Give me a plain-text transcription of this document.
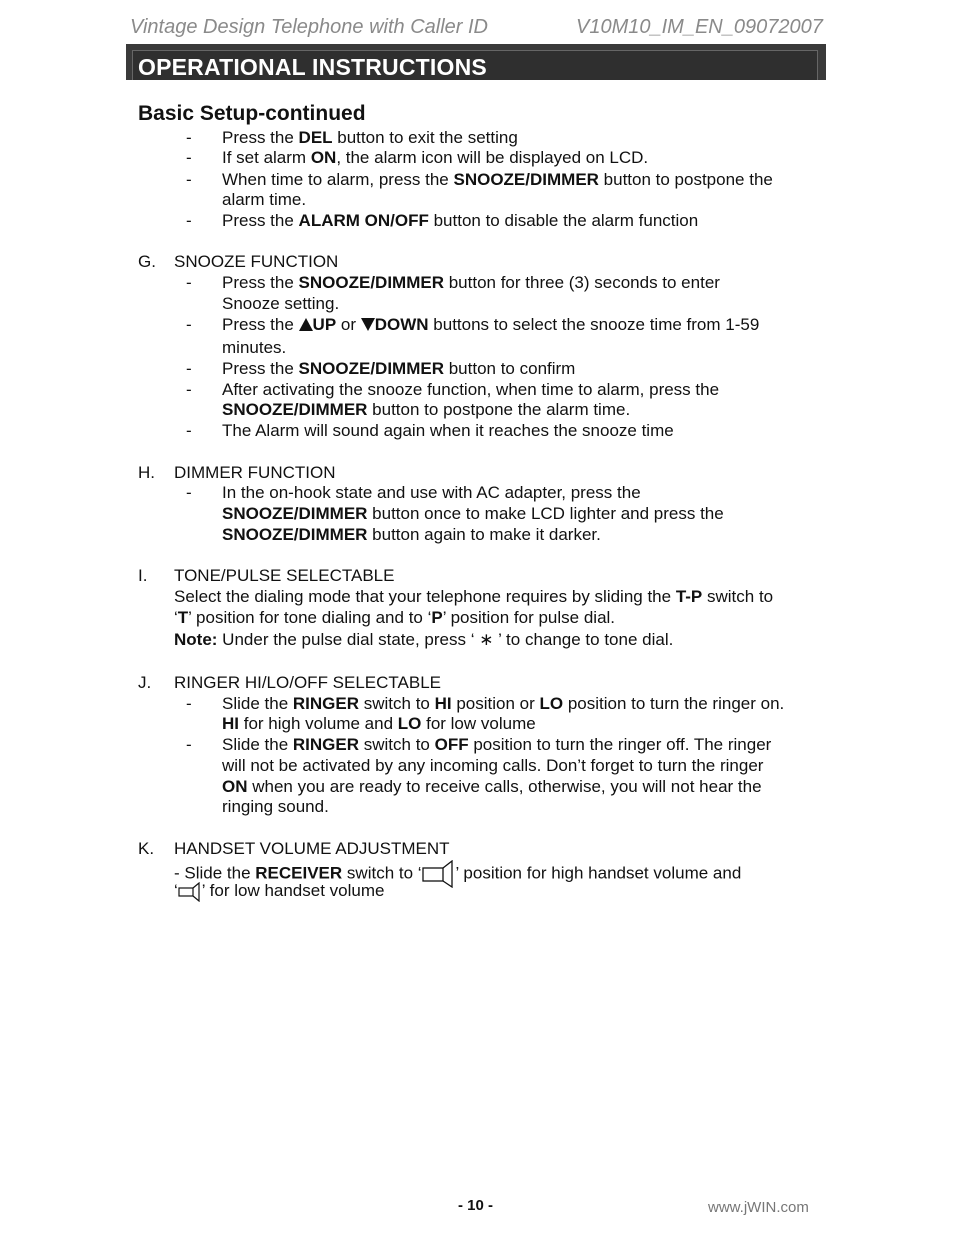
Vintage Design Telephone with Caller ID	V10M10_IM_EN_09072007
OPERATIONAL INSTRUCTIONS
Basic Setup-continued
- Press the DEL button to exit the setting
- If set alarm ON, the alarm icon will be displayed on LCD.
- When time to alarm, press the SNOOZE/DIMMER button to postpone the
alarm time.
- Press the ALARM ON/OFF button to disable the alarm function
G. SNOOZE FUNCTION
- Press the SNOOZE/DIMMER button for three (3) seconds to enter
Snooze setting.
- Press the UP or DOWN buttons to select the snooze time from 1-59
minutes.
- Press the SNOOZE/DIMMER button to confirm
- After activating the snooze function, when time to alarm, press the
SNOOZE/DIMMER button to postpone the alarm time.
- The Alarm will sound again when it reaches the snooze time
H. DIMMER FUNCTION
- In the on-hook state and use with AC adapter, press the
SNOOZE/DIMMER button once to make LCD lighter and press the
SNOOZE/DIMMER button again to make it darker.
I. TONE/PULSE SELECTABLE
Select the dialing mode that your telephone requires by sliding the T-P switch to
‘T’ position for tone dialing and to ‘P’ position for pulse dial.
Note: Under the pulse dial state, press ‘ ∗ ’ to change to tone dial.
J. RINGER HI/LO/OFF SELECTABLE
- Slide the RINGER switch to HI position or LO position to turn the ringer on.
HI for high volume and LO for low volume
- Slide the RINGER switch to OFF position to turn the ringer off. The ringer
will not be activated by any incoming calls. Don’t forget to turn the ringer
ON when you are ready to receive calls, otherwise, you will not hear the
ringing sound.
K. HANDSET VOLUME ADJUSTMENT
- Slide the RECEIVER switch to ‘ ’ position for high handset volume and
‘ ’ for low handset volume
- 10 -	www.jWIN.com
